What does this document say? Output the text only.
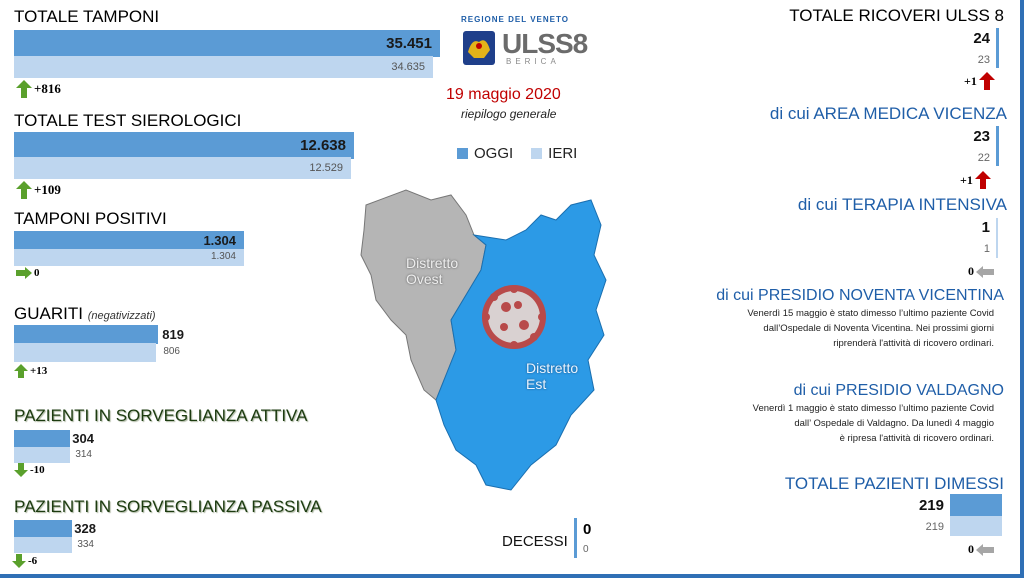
TOTALE TAMPONI
35.451
34.635
+816
TOTALE TEST SIEROLOGICI
12.638
12.529
+109
TAMPONI POSITIVI
1.304
1.304
0
GUARITI (negativizzati)
819
806
+13
PAZIENTI IN SORVEGLIANZA ATTIVA
304
314
-10
PAZIENTI IN SORVEGLIANZA PASSIVA
328
334
-6
REGIONE DEL VENETO
ULSS8
BERICA
19 maggio 2020
riepilogo generale
OGGI IERI
Distretto Ovest
Distretto Est
DECESSI
0
0
TOTALE RICOVERI ULSS 8
24
23
+1
di cui AREA MEDICA VICENZA
23
22
+1
di cui TERAPIA INTENSIVA
1
1
0
di cui PRESIDIO NOVENTA VICENTINA
Venerdì 15 maggio è stato dimesso l’ultimo paziente Covid
dall’Ospedale di Noventa Vicentina. Nei prossimi giorni
riprenderà l'attività di ricovero ordinari.
di cui PRESIDIO VALDAGNO
Venerdì 1 maggio è stato dimesso l’ultimo paziente Covid
dall’ Ospedale di Valdagno. Da lunedì 4 maggio
è ripresa l'attività di ricovero ordinari.
TOTALE PAZIENTI DIMESSI
219
219
0
